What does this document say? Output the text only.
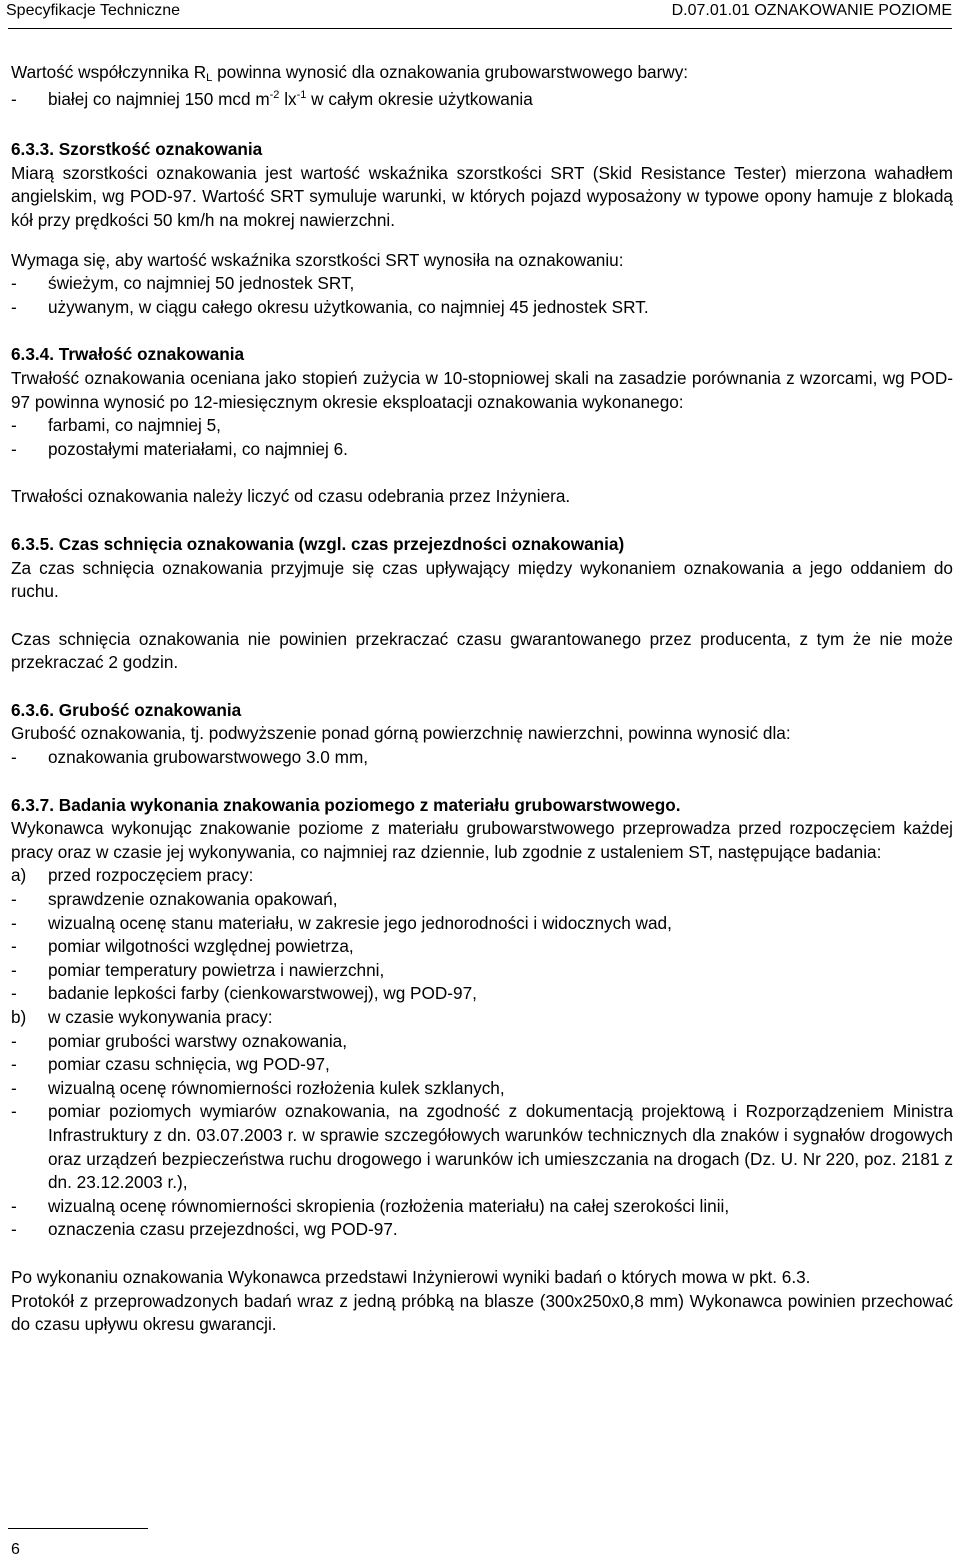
Specyfikacje Techniczne	D.07.01.01 OZNAKOWANIE POZIOME

Wartość współczynnika RL powinna wynosić dla oznakowania grubowarstwowego barwy:

- białej co najmniej 150 mcd $m^{-2}$ $lx^{-1}$ w całym okresie użytkowania

6.3.3. Szorstkość oznakowania

Miarą szorstkości oznakowania jest wartość wskaźnika szorstkości SRT (Skid Resistance Tester) mierzona wahadłem angielskim, wg POD-97. Wartość SRT symuluje warunki, w których pojazd wyposażony w typowe opony hamuje z blokadą kół przy prędkości 50 km/h na mokrej nawierzchni.

Wymaga się, aby wartość wskaźnika szorstkości SRT wynosiła na oznakowaniu:

- świeżym, co najmniej 50 jednostek SRT,
- używanym, w ciągu całego okresu użytkowania, co najmniej 45 jednostek SRT.

6.3.4. Trwałość oznakowania

Trwałość oznakowania oceniana jako stopień zużycia w 10-stopniowej skali na zasadzie porównania z wzorcami, wg POD-97 powinna wynosić po 12-miesięcznym okresie eksploatacji oznakowania wykonanego:

- farbami, co najmniej 5,
- pozostałymi materiałami, co najmniej 6.

Trwałości oznakowania należy liczyć od czasu odebrania przez Inżyniera.

6.3.5. Czas schnięcia oznakowania (wzgl. czas przejezdności oznakowania)

Za czas schnięcia oznakowania przyjmuje się czas upływający między wykonaniem oznakowania a jego oddaniem do ruchu.

Czas schnięcia oznakowania nie powinien przekraczać czasu gwarantowanego przez producenta, z tym że nie może przekraczać 2 godzin.

6.3.6. Grubość oznakowania

Grubość oznakowania, tj. podwyższenie ponad górną powierzchnię nawierzchni, powinna wynosić dla:

- oznakowania grubowarstwowego 3.0 mm,

6.3.7. Badania wykonania znakowania poziomego z materiału grubowarstwowego.

Wykonawca wykonując znakowanie poziome z materiału grubowarstwowego przeprowadza przed rozpoczęciem każdej pracy oraz w czasie jej wykonywania, co najmniej raz dziennie, lub zgodnie z ustaleniem ST, następujące badania:

a) przed rozpoczęciem pracy:
- sprawdzenie oznakowania opakowań,
- wizualną ocenę stanu materiału, w zakresie jego jednorodności i widocznych wad,
- pomiar wilgotności względnej powietrza,
- pomiar temperatury powietrza i nawierzchni,
- badanie lepkości farby (cienkowarstwowej), wg POD-97,
b) w czasie wykonywania pracy:
- pomiar grubości warstwy oznakowania,
- pomiar czasu schnięcia, wg POD-97,
- wizualną ocenę równomierności rozłożenia kulek szklanych,
- pomiar poziomych wymiarów oznakowania, na zgodność z dokumentacją projektową i Rozporządzeniem Ministra Infrastruktury z dn. 03.07.2003 r. w sprawie szczegółowych warunków technicznych dla znaków i sygnałów drogowych oraz urządzeń bezpieczeństwa ruchu drogowego i warunków ich umieszczania na drogach (Dz. U. Nr 220, poz. 2181 z dn. 23.12.2003 r.),
- wizualną ocenę równomierności skropienia (rozłożenia materiału) na całej szerokości linii,
- oznaczenia czasu przejezdności, wg POD-97.

Po wykonaniu oznakowania Wykonawca przedstawi Inżynierowi wyniki badań o których mowa w pkt. 6.3.

Protokół z przeprowadzonych badań wraz z jedną próbką na blasze (300x250x0,8 mm) Wykonawca powinien przechować do czasu upływu okresu gwarancji.

6
